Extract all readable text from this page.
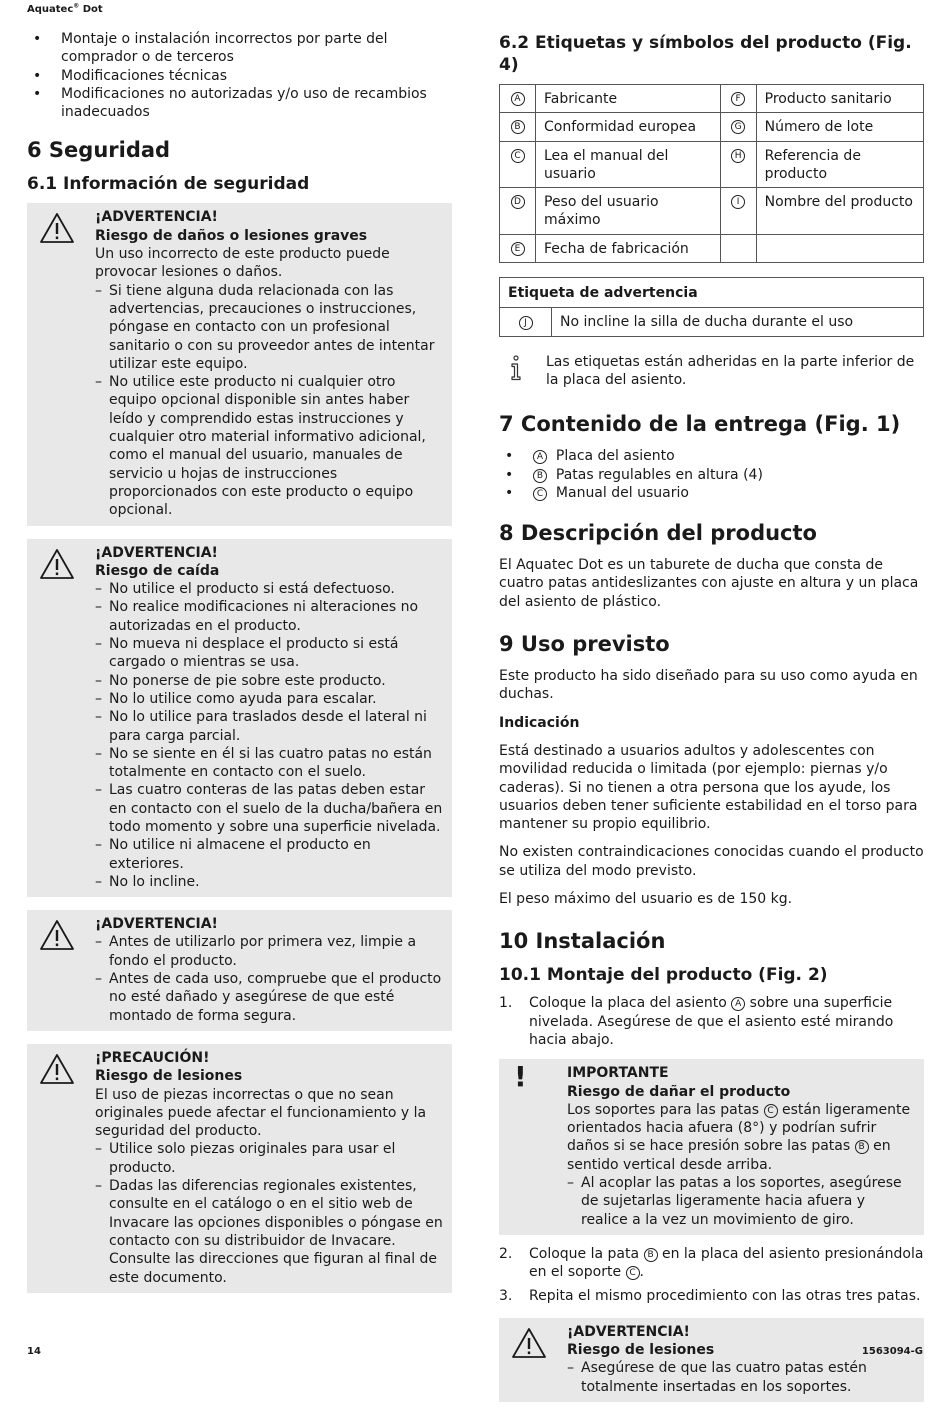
Aquatec® Dot
• Montaje o instalación incorrectos por parte del comprador o de terceros
• Modificaciones técnicas
• Modificaciones no autorizadas y/o uso de recambios inadecuados
6 Seguridad
6.1 Información de seguridad
¡ADVERTENCIA!
Riesgo de daños o lesiones graves
Un uso incorrecto de este producto puede provocar lesiones o daños.
– Si tiene alguna duda relacionada con las advertencias, precauciones o instrucciones, póngase en contacto con un profesional sanitario o con su proveedor antes de intentar utilizar este equipo.
– No utilice este producto ni cualquier otro equipo opcional disponible sin antes haber leído y comprendido estas instrucciones y cualquier otro material informativo adicional, como el manual del usuario, manuales de servicio u hojas de instrucciones proporcionados con este producto o equipo opcional.
¡ADVERTENCIA!
Riesgo de caída
– No utilice el producto si está defectuoso.
– No realice modificaciones ni alteraciones no autorizadas en el producto.
– No mueva ni desplace el producto si está cargado o mientras se usa.
– No ponerse de pie sobre este producto.
– No lo utilice como ayuda para escalar.
– No lo utilice para traslados desde el lateral ni para carga parcial.
– No se siente en él si las cuatro patas no están totalmente en contacto con el suelo.
– Las cuatro conteras de las patas deben estar en contacto con el suelo de la ducha/bañera en todo momento y sobre una superficie nivelada.
– No utilice ni almacene el producto en exteriores.
– No lo incline.
¡ADVERTENCIA!
– Antes de utilizarlo por primera vez, limpie a fondo el producto.
– Antes de cada uso, compruebe que el producto no esté dañado y asegúrese de que esté montado de forma segura.
¡PRECAUCIÓN!
Riesgo de lesiones
El uso de piezas incorrectas o que no sean originales puede afectar el funcionamiento y la seguridad del producto.
– Utilice solo piezas originales para usar el producto.
– Dadas las diferencias regionales existentes, consulte en el catálogo o en el sitio web de Invacare las opciones disponibles o póngase en contacto con su distribuidor de Invacare. Consulte las direcciones que figuran al final de este documento.
6.2 Etiquetas y símbolos del producto (Fig. 4)
A	Fabricante	F	Producto sanitario
B	Conformidad europea	G	Número de lote
C	Lea el manual del usuario	H	Referencia de producto
D	Peso del usuario máximo	I	Nombre del producto
E	Fecha de fabricación		
Etiqueta de advertencia
J	No incline la silla de ducha durante el uso
Las etiquetas están adheridas en la parte inferior de la placa del asiento.
7 Contenido de la entrega (Fig. 1)
• A Placa del asiento
• B Patas regulables en altura (4)
• C Manual del usuario
8 Descripción del producto

El Aquatec Dot es un taburete de ducha que consta de cuatro patas antideslizantes con ajuste en altura y un placa del asiento de plástico.

9 Uso previsto

Este producto ha sido diseñado para su uso como ayuda en duchas.

Indicación

Está destinado a usuarios adultos y adolescentes con movilidad reducida o limitada (por ejemplo: piernas y/o caderas). Si no tienen a otra persona que los ayude, los usuarios deben tener suficiente estabilidad en el torso para mantener su propio equilibrio.

No existen contraindicaciones conocidas cuando el producto se utiliza del modo previsto.

El peso máximo del usuario es de 150 kg.

10 Instalación
10.1 Montaje del producto (Fig. 2)
1. Coloque la placa del asiento A sobre una superficie nivelada. Asegúrese de que el asiento esté mirando hacia abajo.
!	IMPORTANTE
Riesgo de dañar el producto
Los soportes para las patas C están ligeramente orientados hacia afuera (8°) y podrían sufrir daños si se hace presión sobre las patas B en sentido vertical desde arriba.
– Al acoplar las patas a los soportes, asegúrese de sujetarlas ligeramente hacia afuera y realice a la vez un movimiento de giro.
2. Coloque la pata B en la placa del asiento presionándola en el soporte C .
3. Repita el mismo procedimiento con las otras tres patas.
¡ADVERTENCIA!
Riesgo de lesiones
– Asegúrese de que las cuatro patas estén totalmente insertadas en los soportes.
14	1563094-G
